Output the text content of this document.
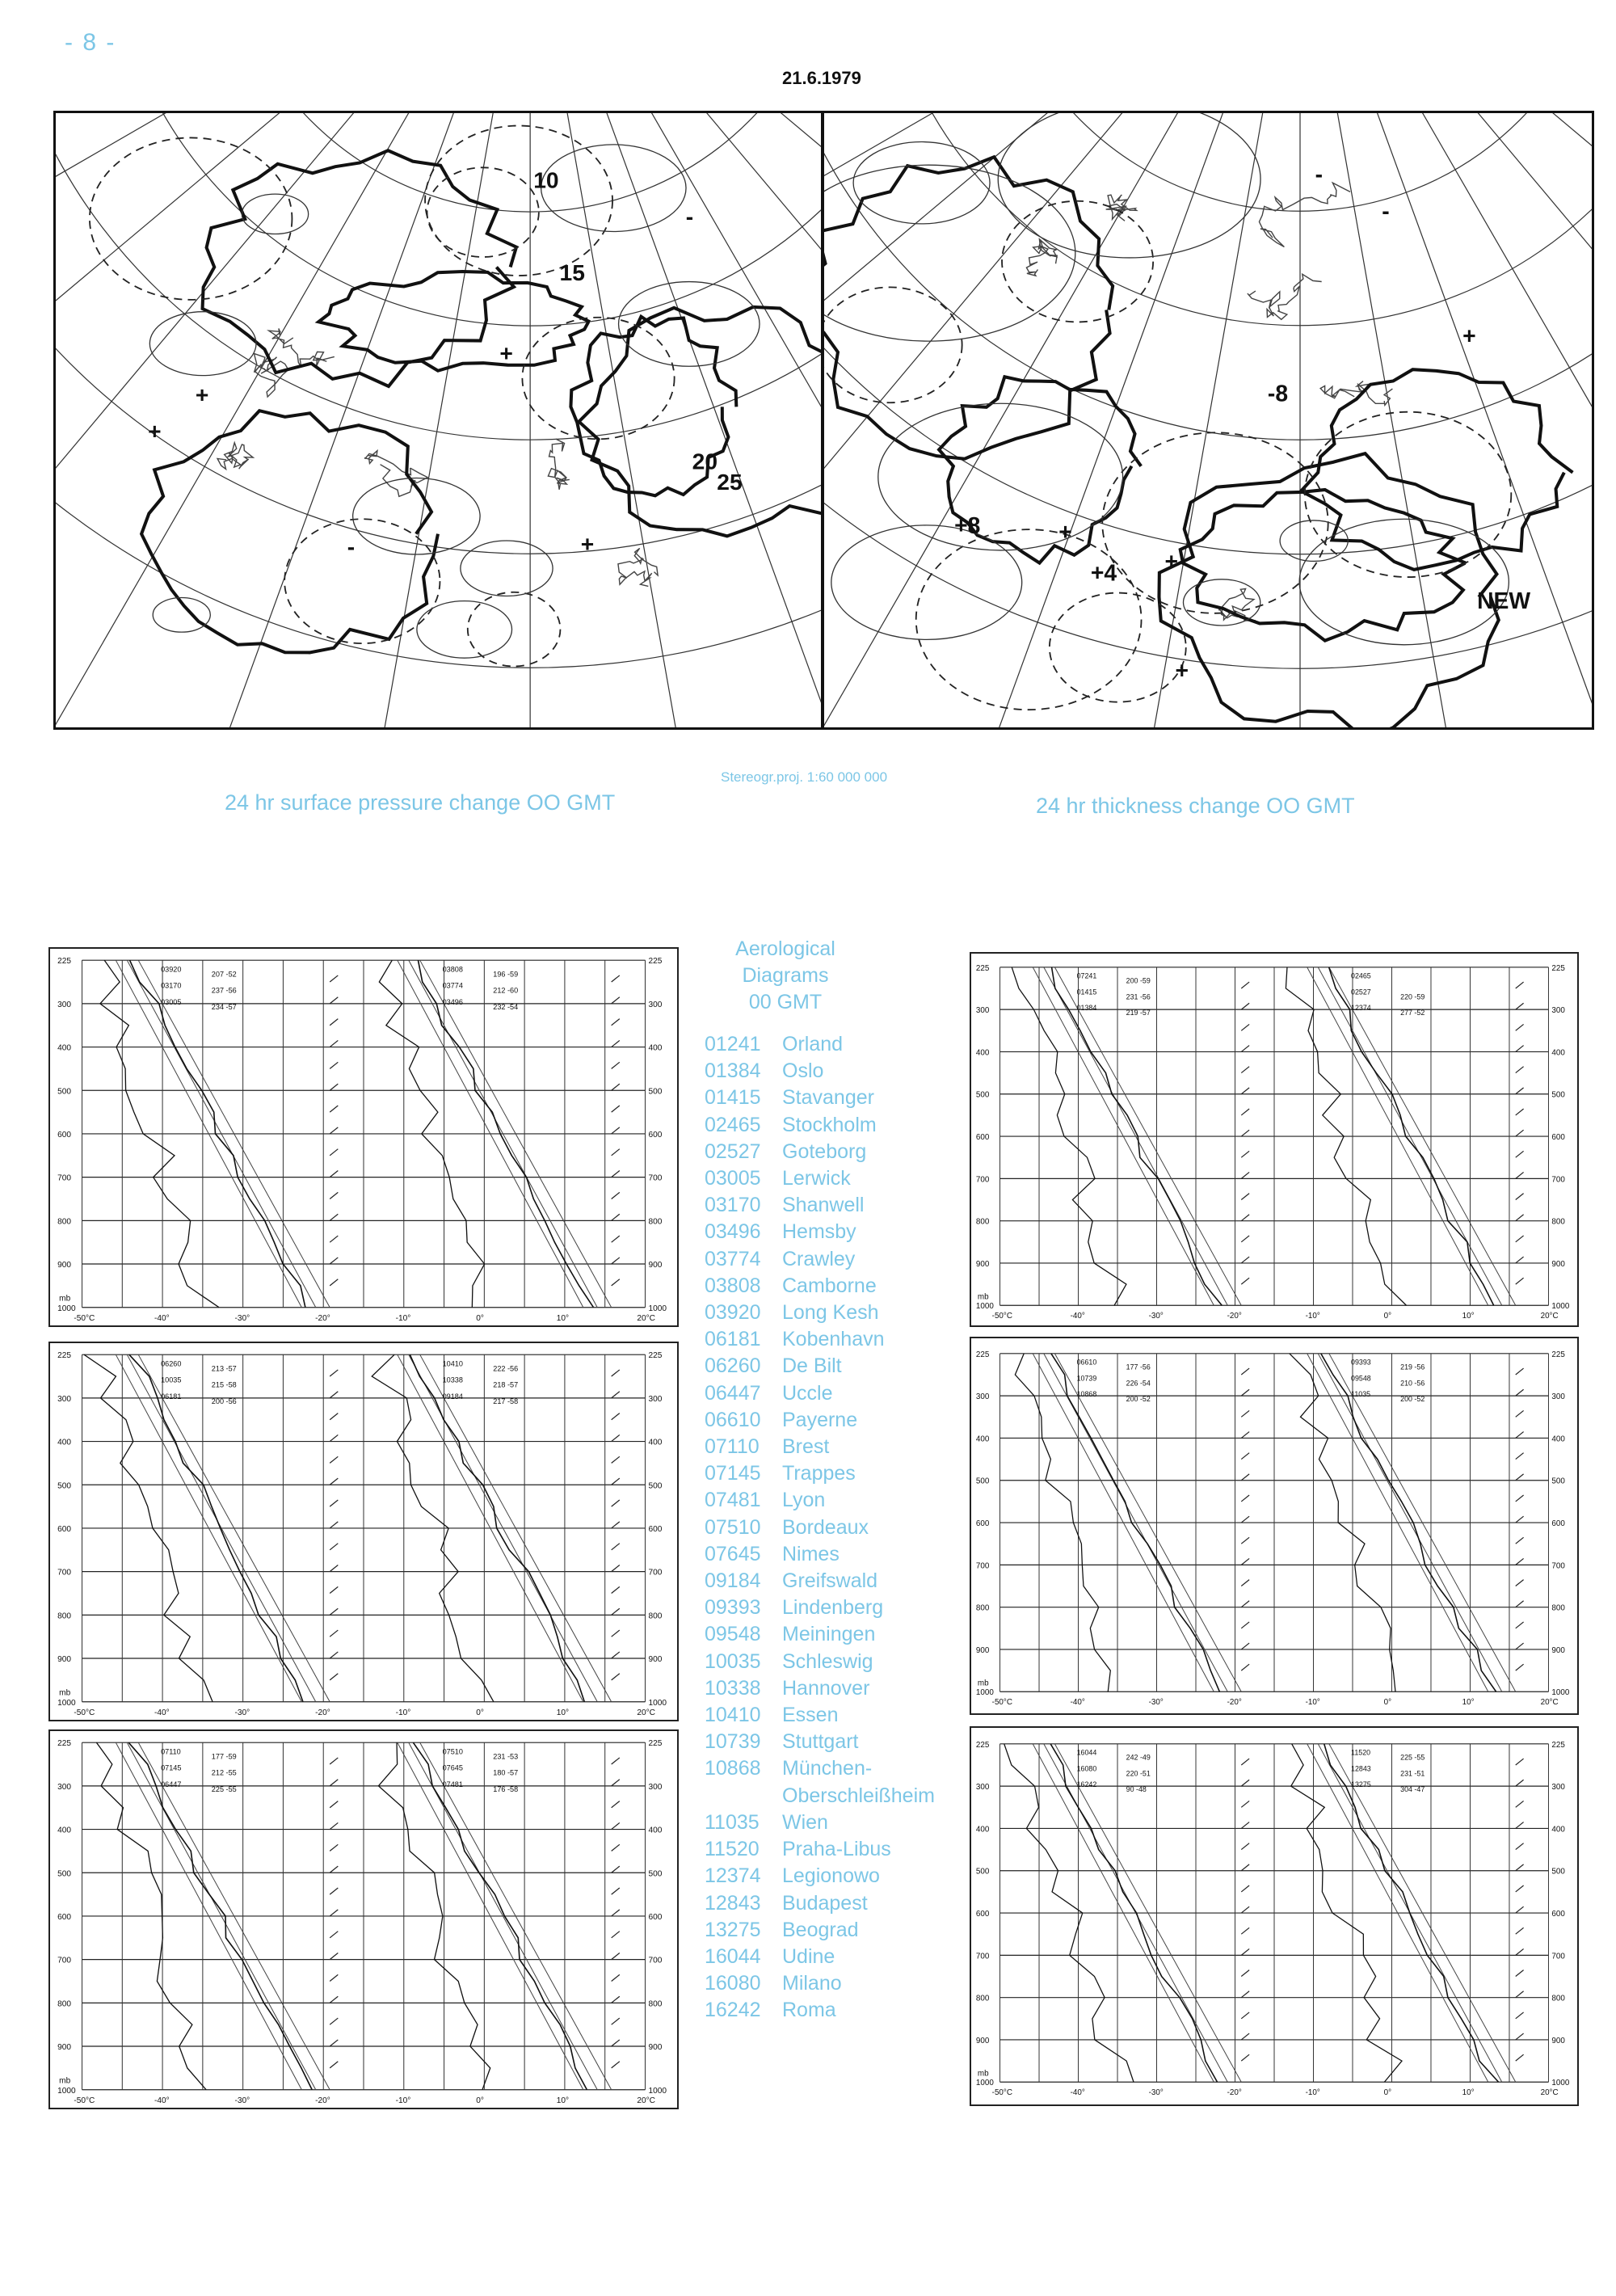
- 8 -
21.6.1979
+
+
-
+
-	+
10
15
20
25
+
+
-
+
-
+
NEW
-8
+4
+8
Stereogr.proj. 1:60 000 000
24 hr surface pressure change OO GMT	24 hr thickness change OO GMT
225	225
300	300
400	400
500	500
600	600
700	700
800	800
900	900
1000	1000
-50°C	-40°	-30°	-20°	-10°	0°	10°	20°C
mb
03920
207 -52
03170
237 -56
03005
234 -57
03808
196 -59
03774
212 -60
03496
232 -54
225	225
300	300
400	400
500	500
600	600
700	700
800	800
900	900
1000	1000
-50°C	-40°	-30°	-20°	-10°	0°	10°	20°C
mb
07241
200 -59
01415
231 -56
01384
219 -57
02465
02527
220 -59
12374
277 -52
225	225
300	300
400	400
500	500
600	600
700	700
800	800
900	900
1000	1000
-50°C	-40°	-30°	-20°	-10°	0°	10°	20°C
mb
06260
213 -57
10035
215 -58
06181
200 -56
10410
222 -56
10338
218 -57
09184
217 -58
225	225
300	300
400	400
500	500
600	600
700	700
800	800
900	900
1000	1000
-50°C	-40°	-30°	-20°	-10°	0°	10°	20°C
mb
06610
177 -56
10739
226 -54
10868
200 -52
09393
219 -56
09548
210 -56
11035
200 -52
225	225
300	300
400	400
500	500
600	600
700	700
800	800
900	900
1000	1000
-50°C	-40°	-30°	-20°	-10°	0°	10°	20°C
mb
07110
177 -59
07145
212 -55
06447
225 -55
07510
231 -53
07645
180 -57
07481
176 -58
225	225
300	300
400	400
500	500
600	600
700	700
800	800
900	900
1000	1000
-50°C	-40°	-30°	-20°	-10°	0°	10°	20°C
mb
16044
242 -49
16080
220 -51
16242
90 -48
11520
225 -55
12843
231 -51
13275
304 -47
Aerological
Diagrams
00 GMT
01241	Orland
01384	Oslo
01415	Stavanger
02465	Stockholm
02527	Goteborg
03005	Lerwick
03170	Shanwell
03496	Hemsby
03774	Crawley
03808	Camborne
03920	Long Kesh
06181	Kobenhavn
06260	De Bilt
06447	Uccle
06610	Payerne
07110	Brest
07145	Trappes
07481	Lyon
07510	Bordeaux
07645	Nimes
09184	Greifswald
09393	Lindenberg
09548	Meiningen
10035	Schleswig
10338	Hannover
10410	Essen
10739	Stuttgart
10868	München-
Oberschleißheim
11035	Wien
11520	Praha-Libus
12374	Legionowo
12843	Budapest
13275	Beograd
16044	Udine
16080	Milano
16242	Roma
